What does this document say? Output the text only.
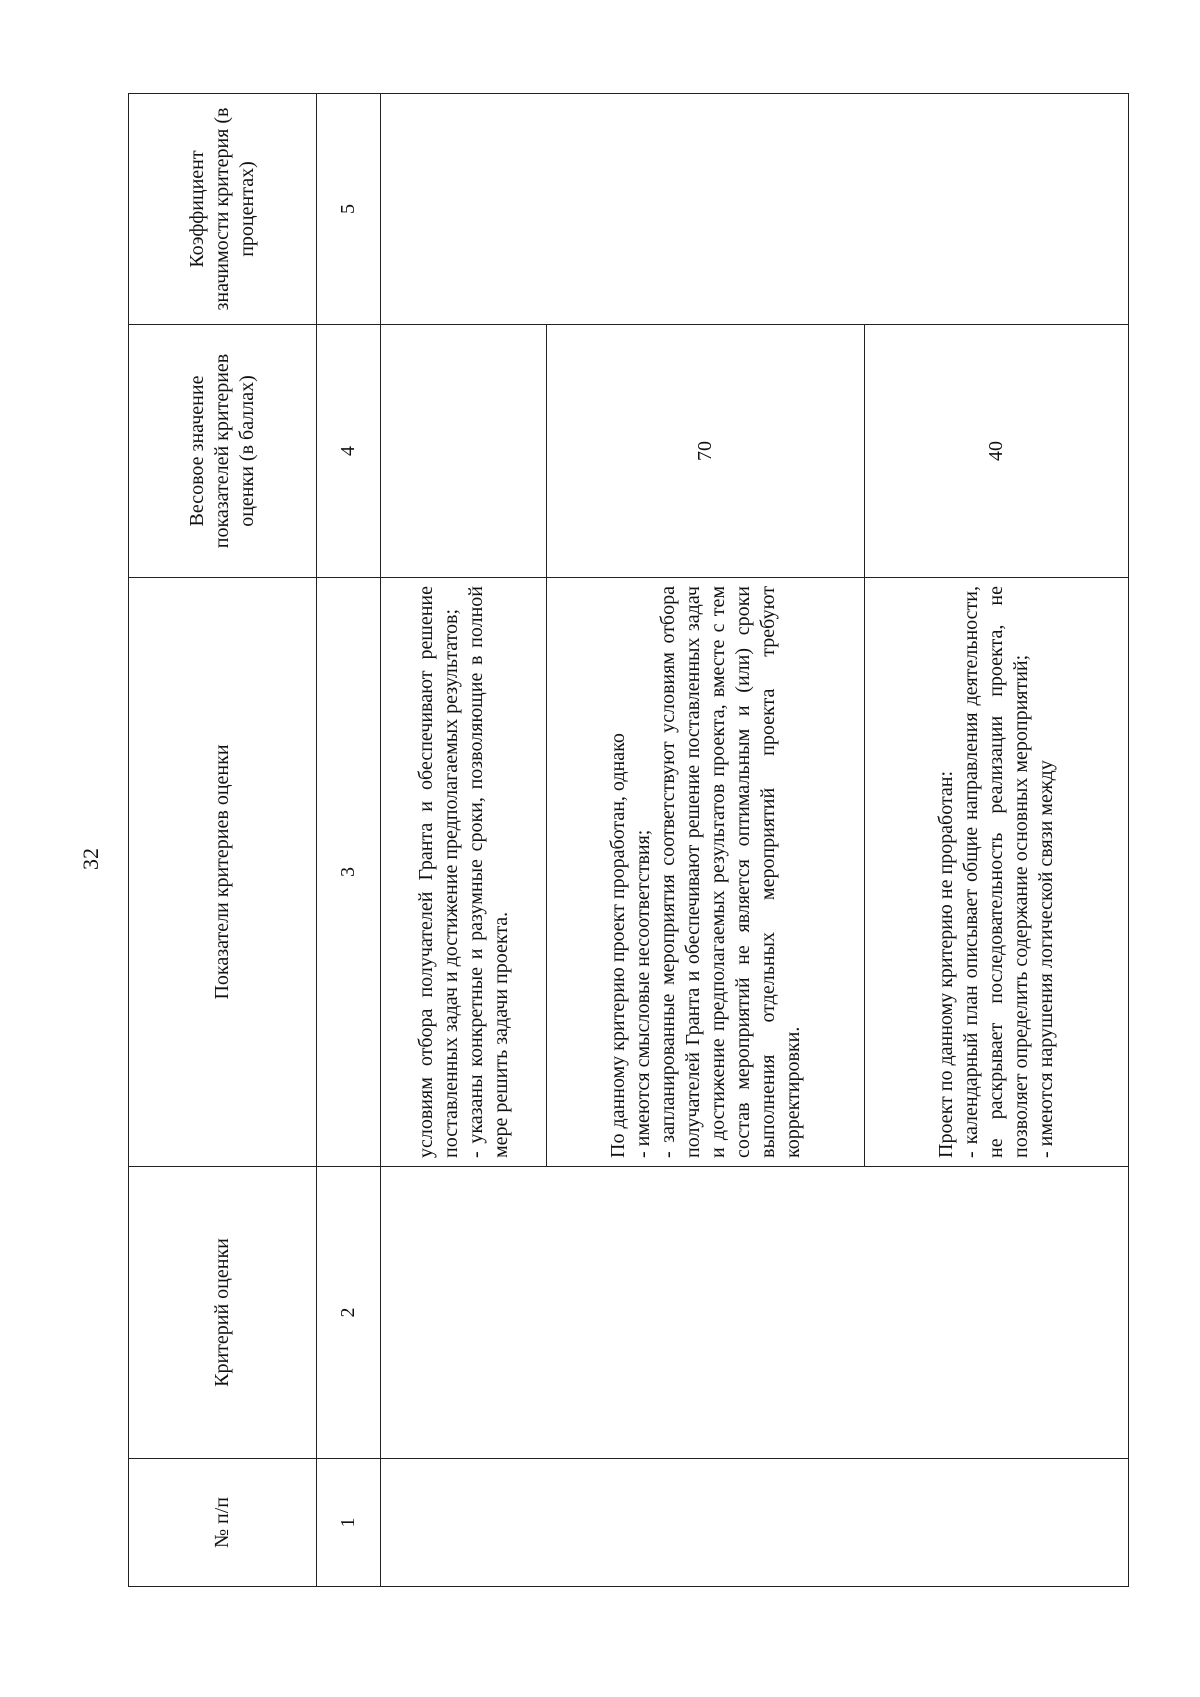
32
№ п/п	Критерий оценки	Показатели критериев оценки	Весовое значение показателей критериев оценки (в баллах)	Коэффициент значимости критерия (в процентах)
1	2	3	4	5

		условиям отбора получателей Гранта и обеспечивают решение поставленных задач и достижение предполагаемых результатов; - указаны конкретные и разумные сроки, позволяющие в полной мере решить задачи проекта.		

		По данному критерию проект проработан, однако - имеются смысловые несоответствия; - запланированные мероприятия соответствуют условиям отбора получателей Гранта и обеспечивают решение поставленных задач и достижение предполагаемых результатов проекта, вместе с тем состав мероприятий не является оптимальным и (или) сроки выполнения отдельных мероприятий проекта требуют корректировки.	70	

		Проект по данному критерию не проработан: - календарный план описывает общие направления деятельности, не раскрывает последовательность реализации проекта, не позволяет определить содержание основных мероприятий; - имеются нарушения логической связи между	40	
